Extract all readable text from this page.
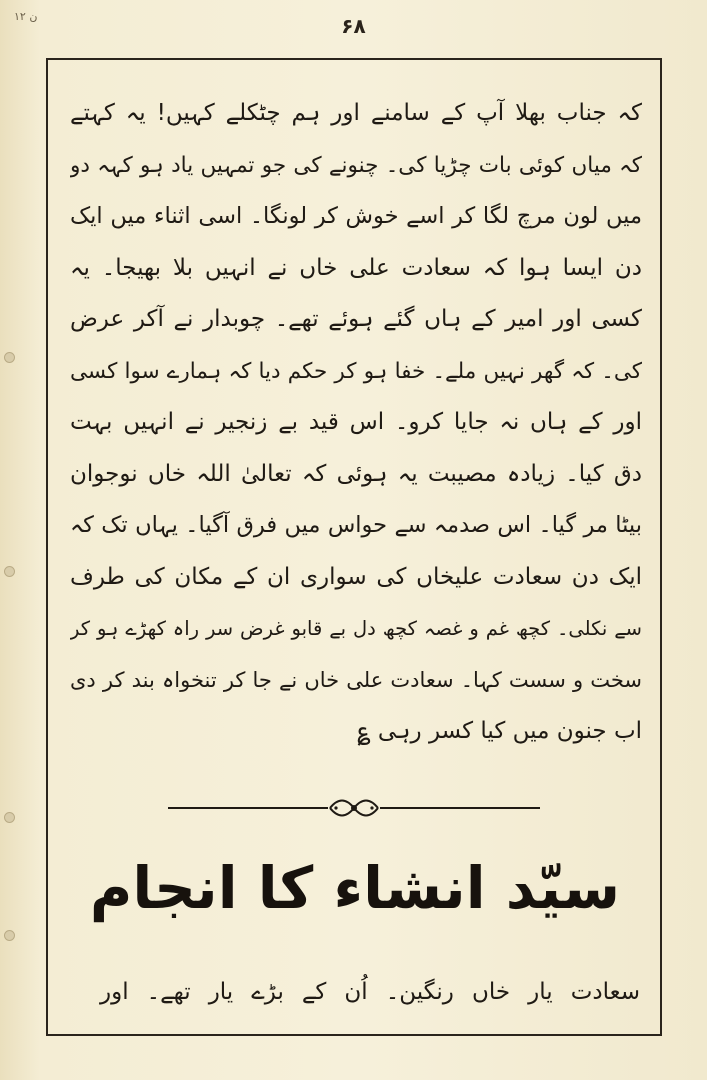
ن ۱۲	۶۸
کہ جناب بھلا آپ کے سامنے اور ہم چٹکلے کہیں! یہ کہتے
کہ میاں کوئی بات چڑیا کی۔ چنونے کی جو تمہیں یاد ہو کہہ دو
میں لون مرچ لگا کر اسے خوش کر لونگا۔ اسی اثناء میں ایک
دن ایسا ہوا کہ سعادت علی خاں نے انہیں بلا بھیجا۔ یہ
کسی اور امیر کے ہاں گئے ہوئے تھے۔ چوبدار نے آکر عرض
کی۔ کہ گھر نہیں ملے۔ خفا ہو کر حکم دیا کہ ہمارے سوا کسی
اور کے ہاں نہ جایا کرو۔ اس قید بے زنجیر نے انہیں بہت
دق کیا۔ زیادہ مصیبت یہ ہوئی کہ تعالیٰ اللہ خاں نوجوان
بیٹا مر گیا۔ اس صدمہ سے حواس میں فرق آگیا۔ یہاں تک کہ
ایک دن سعادت علیخاں کی سواری ان کے مکان کی طرف
سے نکلی۔ کچھ غم و غصہ کچھ دل بے قابو غرض سر راہ کھڑے ہو کر
سخت و سست کہا۔ سعادت علی خاں نے جا کر تنخواہ بند کر دی
اب جنون میں کیا کسر رہی ؏
سیّد انشاء کا انجام
سعادت یار خاں رنگین۔ اُن کے بڑے یار تھے۔ اور
